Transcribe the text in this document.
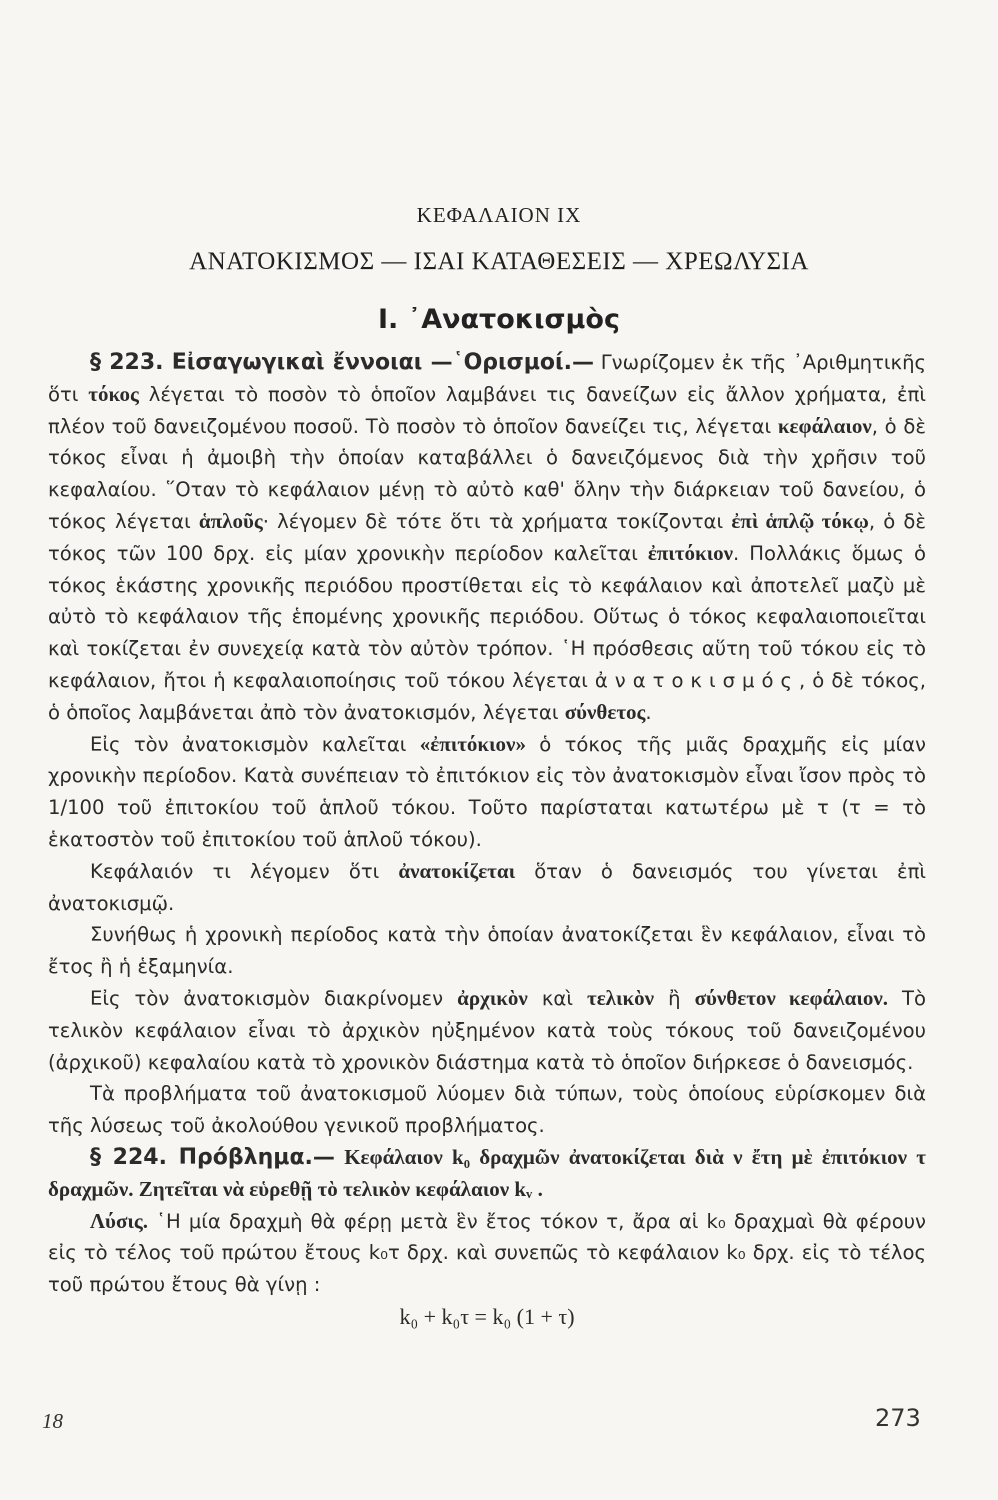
ΚΕΦΑΛΑΙΟΝ IX
ΑΝΑΤΟΚΙΣΜΟΣ — ΙΣΑΙ ΚΑΤΑΘΕΣΕΙΣ — ΧΡΕΩΛΥΣΙΑ
Ι. ᾿Ανατοκισμὸς

§ 223. Εἰσαγωγικαὶ ἔννοιαι —῾Ορισμοί.— Γνωρίζομεν ἐκ τῆς ᾿Αριθμητικῆς ὅτι τόκος λέγεται τὸ ποσὸν τὸ ὁποῖον λαμβάνει τις δανείζων εἰς ἄλλον χρήματα, ἐπὶ πλέον τοῦ δανειζομένου ποσοῦ. Τὸ ποσὸν τὸ ὁποῖον δανείζει τις, λέγεται κεφάλαιον, ὁ δὲ τόκος εἶναι ἡ ἀμοιβὴ τὴν ὁποίαν καταβάλλει ὁ δανειζόμενος διὰ τὴν χρῆσιν τοῦ κεφαλαίου. ῞Οταν τὸ κεφάλαιον μένῃ τὸ αὐτὸ καθ' ὅλην τὴν διάρκειαν τοῦ δανείου, ὁ τόκος λέγεται ἁπλοῦς· λέγομεν δὲ τότε ὅτι τὰ χρήματα τοκίζονται ἐπὶ ἁπλῷ τόκῳ, ὁ δὲ τόκος τῶν 100 δρχ. εἰς μίαν χρονικὴν περίοδον καλεῖται ἐπιτόκιον. Πολλάκις ὅμως ὁ τόκος ἑκάστης χρονικῆς περιόδου προστίθεται εἰς τὸ κεφάλαιον καὶ ἀποτελεῖ μαζὺ μὲ αὐτὸ τὸ κεφάλαιον τῆς ἑπομένης χρονικῆς περιόδου. Οὕτως ὁ τόκος κεφαλαιοποιεῖται καὶ τοκίζεται ἐν συνεχείᾳ κατὰ τὸν αὐτὸν τρόπον. ῾Η πρόσθεσις αὕτη τοῦ τόκου εἰς τὸ κεφάλαιον, ἤτοι ἡ κεφαλαιοποίησις τοῦ τόκου λέγεται ἀνατοκισμός, ὁ δὲ τόκος, ὁ ὁποῖος λαμβάνεται ἀπὸ τὸν ἀνατοκισμόν, λέγεται σύνθετος.

Εἰς τὸν ἀνατοκισμὸν καλεῖται «ἐπιτόκιον» ὁ τόκος τῆς μιᾶς δραχμῆς εἰς μίαν χρονικὴν περίοδον. Κατὰ συνέπειαν τὸ ἐπιτόκιον εἰς τὸν ἀνατοκισμὸν εἶναι ἴσον πρὸς τὸ 1/100 τοῦ ἐπιτοκίου τοῦ ἁπλοῦ τόκου. Τοῦτο παρίσταται κατωτέρω μὲ τ (τ = τὸ ἑκατοστὸν τοῦ ἐπιτοκίου τοῦ ἁπλοῦ τόκου).

Κεφάλαιόν τι λέγομεν ὅτι ἀνατοκίζεται ὅταν ὁ δανεισμός του γίνεται ἐπὶ ἀνατοκισμῷ.

Συνήθως ἡ χρονικὴ περίοδος κατὰ τὴν ὁποίαν ἀνατοκίζεται ἓν κεφάλαιον, εἶναι τὸ ἔτος ἢ ἡ ἑξαμηνία.

Εἰς τὸν ἀνατοκισμὸν διακρίνομεν ἀρχικὸν καὶ τελικὸν ἢ σύνθετον κεφάλαιον. Τὸ τελικὸν κεφάλαιον εἶναι τὸ ἀρχικὸν ηὐξημένον κατὰ τοὺς τόκους τοῦ δανειζομένου (ἀρχικοῦ) κεφαλαίου κατὰ τὸ χρονικὸν διάστημα κατὰ τὸ ὁποῖον διήρκεσε ὁ δανεισμός.

Τὰ προβλήματα τοῦ ἀνατοκισμοῦ λύομεν διὰ τύπων, τοὺς ὁποίους εὑρίσκομεν διὰ τῆς λύσεως τοῦ ἀκολούθου γενικοῦ προβλήματος.

§ 224. Πρόβλημα.— Κεφάλαιον k₀ δραχμῶν ἀνατοκίζεται διὰ ν ἔτη μὲ ἐπιτόκιον τ δραχμῶν. Ζητεῖται νὰ εὑρεθῇ τὸ τελικὸν κεφάλαιον kᵥ .

Λύσις. ῾Η μία δραχμὴ θὰ φέρῃ μετὰ ἓν ἔτος τόκον τ, ἄρα αἱ k₀ δραχμαὶ θὰ φέρουν εἰς τὸ τέλος τοῦ πρώτου ἔτους k₀τ δρχ. καὶ συνεπῶς τὸ κεφάλαιον k₀ δρχ. εἰς τὸ τέλος τοῦ πρώτου ἔτους θὰ γίνῃ :

k₀ + k₀τ = k₀ (1 + τ)

18	273
